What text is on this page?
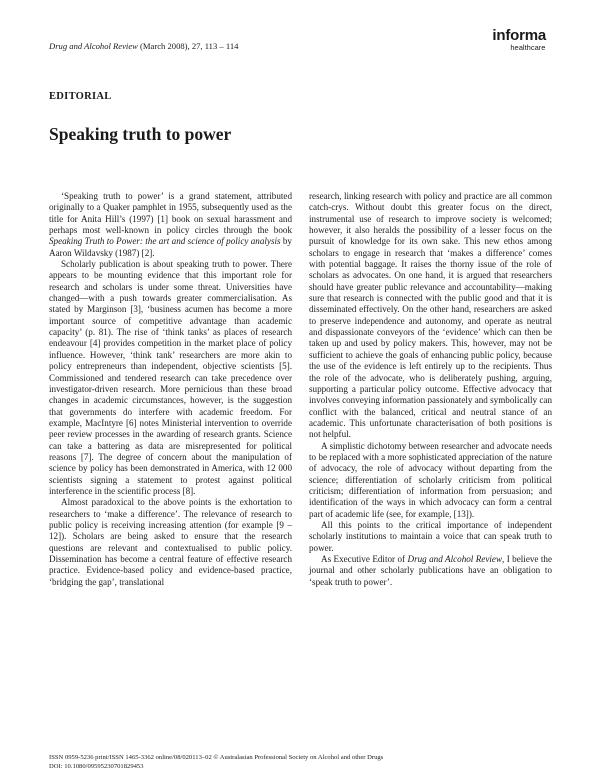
Drug and Alcohol Review (March 2008), 27, 113 – 114
informa
healthcare
EDITORIAL
Speaking truth to power

‘Speaking truth to power’ is a grand statement, attributed originally to a Quaker pamphlet in 1955, subsequently used as the title for Anita Hill’s (1997) [1] book on sexual harassment and perhaps most well-known in policy circles through the book Speaking Truth to Power: the art and science of policy analysis by Aaron Wildavsky (1987) [2].

Scholarly publication is about speaking truth to power. There appears to be mounting evidence that this important role for research and scholars is under some threat. Universities have changed—with a push towards greater commercialisation. As stated by Marginson [3], ‘business acumen has become a more important source of competitive advantage than academic capacity’ (p. 81). The rise of ‘think tanks’ as places of research endeavour [4] provides competition in the market place of policy influence. However, ‘think tank’ researchers are more akin to policy entrepreneurs than independent, objective scientists [5]. Commissioned and tendered research can take precedence over investigator-driven research. More pernicious than these broad changes in academic circumstances, however, is the suggestion that governments do interfere with academic freedom. For example, MacIntyre [6] notes Ministerial intervention to override peer review processes in the awarding of research grants. Science can take a battering as data are misrepresented for political reasons [7]. The degree of concern about the manipulation of science by policy has been demonstrated in America, with 12 000 scientists signing a statement to protest against political interference in the scientific process [8].

Almost paradoxical to the above points is the exhortation to researchers to ‘make a difference’. The relevance of research to public policy is receiving increasing attention (for example [9 – 12]). Scholars are being asked to ensure that the research questions are relevant and contextualised to public policy. Dissemination has become a central feature of effective research practice. Evidence-based policy and evidence-based practice, ‘bridging the gap’, translational

research, linking research with policy and practice are all common catch-crys. Without doubt this greater focus on the direct, instrumental use of research to improve society is welcomed; however, it also heralds the possibility of a lesser focus on the pursuit of knowledge for its own sake. This new ethos among scholars to engage in research that ‘makes a difference’ comes with potential baggage. It raises the thorny issue of the role of scholars as advocates. On one hand, it is argued that researchers should have greater public relevance and accountability—making sure that research is connected with the public good and that it is disseminated effectively. On the other hand, researchers are asked to preserve independence and autonomy, and operate as neutral and dispassionate conveyors of the ‘evidence’ which can then be taken up and used by policy makers. This, however, may not be sufficient to achieve the goals of enhancing public policy, because the use of the evidence is left entirely up to the recipients. Thus the role of the advocate, who is deliberately pushing, arguing, supporting a particular policy outcome. Effective advocacy that involves conveying information passionately and symbolically can conflict with the balanced, critical and neutral stance of an academic. This unfortunate characterisation of both positions is not helpful.

A simplistic dichotomy between researcher and advocate needs to be replaced with a more sophisticated appreciation of the nature of advocacy, the role of advocacy without departing from the science; differentiation of scholarly criticism from political criticism; differentiation of information from persuasion; and identification of the ways in which advocacy can form a central part of academic life (see, for example, [13]).

All this points to the critical importance of independent scholarly institutions to maintain a voice that can speak truth to power.

As Executive Editor of Drug and Alcohol Review, I believe the journal and other scholarly publications have an obligation to ‘speak truth to power’.

ISSN 0959-5236 print/ISSN 1465-3362 online/08/020113–02 © Australasian Professional Society on Alcohol and other Drugs
DOI: 10.1080/09595230701829453
